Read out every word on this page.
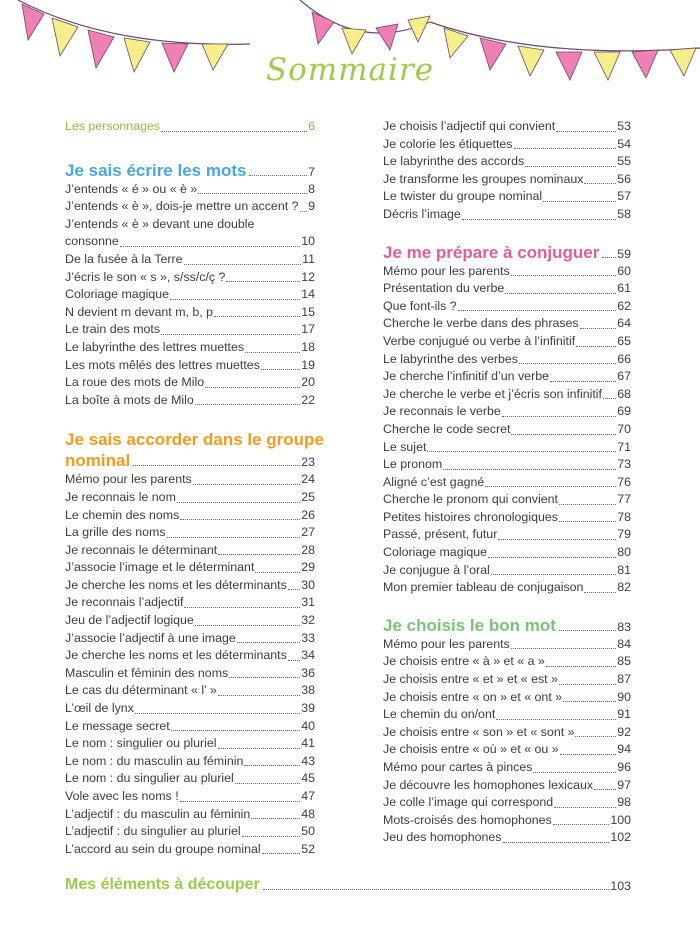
Sommaire
Les personnages	6
Je sais écrire les mots	7
J’entends « é » ou « è »	8
J’entends « è », dois-je mettre un accent ? 9
J’entends « è » devant une double
consonne	10
De la fusée à la Terre	11
J’écris le son « s », s/ss/c/ç ?	12
Coloriage magique	14
N devient m devant m, b, p	15
Le train des mots	17
Le labyrinthe des lettres muettes	18
Les mots mêlés des lettres muettes	19
La roue des mots de Milo	20
La boîte à mots de Milo	22
Je sais accorder dans le groupe
nominal	23
Mémo pour les parents	24
Je reconnais le nom	25
Le chemin des noms	26
La grille des noms	27
Je reconnais le déterminant	28
J’associe l’image et le déterminant	29
Je cherche les noms et les déterminants 30
Je reconnais l’adjectif	31
Jeu de l’adjectif logique	32
J’associe l’adjectif à une image	33
Je cherche les noms et les déterminants 34
Masculin et féminin des noms	36
Le cas du déterminant « l’ »	38
L’œil de lynx	39
Le message secret	40
Le nom : singulier ou pluriel	41
Le nom : du masculin au féminin	43
Le nom : du singulier au pluriel	45
Vole avec les noms !	47
L’adjectif : du masculin au féminin	48
L’adjectif : du singulier au pluriel	50
L’accord au sein du groupe nominal	52
Je choisis l’adjectif qui convient	53
Je colorie les étiquettes	54
Le labyrinthe des accords	55
Je transforme les groupes nominaux	56
Le twister du groupe nominal	57
Décris l’image	58
Je me prépare à conjuguer 59
Mémo pour les parents	60
Présentation du verbe	61
Que font-ils ?	62
Cherche le verbe dans des phrases	64
Verbe conjugué ou verbe à l’infinitif	65
Le labyrinthe des verbes	66
Je cherche l’infinitif d’un verbe	67
Je cherche le verbe et j’écris son infinitif 68
Je reconnais le verbe	69
Cherche le code secret	70
Le sujet	71
Le pronom	73
Aligné c’est gagné	76
Cherche le pronom qui convient	77
Petites histoires chronologiques	78
Passé, présent, futur	79
Coloriage magique	80
Je conjugue à l’oral	81
Mon premier tableau de conjugaison	82
Je choisis le bon mot	83
Mémo pour les parents	84
Je choisis entre « à » et « a »	85
Je choisis entre « et » et « est »	87
Je choisis entre « on » et « ont »	90
Le chemin du on/ont	91
Je choisis entre « son » et « sont »	92
Je choisis entre « où » et « ou »	94
Mémo pour cartes à pinces	96
Je découvre les homophones lexicaux 97
Je colle l’image qui correspond	98
Mots-croisés des homophones	100
Jeu des homophones	102
Mes éléments à découper	103
